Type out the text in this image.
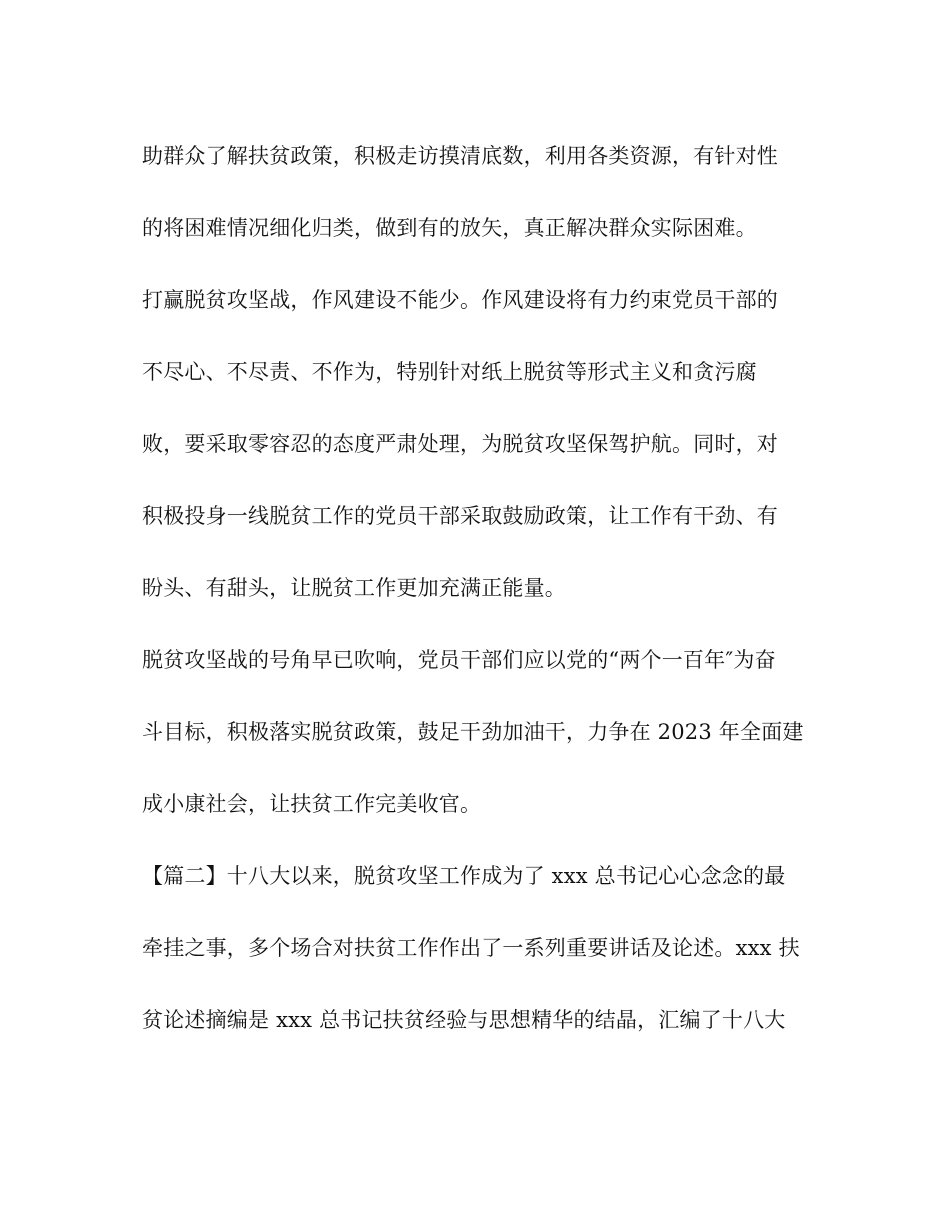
助群众了解扶贫政策，积极走访摸清底数，利用各类资源，有针对性
的将困难情况细化归类，做到有的放矢，真正解决群众实际困难。
打赢脱贫攻坚战，作风建设不能少。作风建设将有力约束党员干部的
不尽心、不尽责、不作为，特别针对纸上脱贫等形式主义和贪污腐
败，要采取零容忍的态度严肃处理，为脱贫攻坚保驾护航。同时，对
积极投身一线脱贫工作的党员干部采取鼓励政策，让工作有干劲、有
盼头、有甜头，让脱贫工作更加充满正能量。
脱贫攻坚战的号角早已吹响，党员干部们应以党的“两个一百年″为奋
斗目标，积极落实脱贫政策，鼓足干劲加油干，力争在 2023 年全面建
成小康社会，让扶贫工作完美收官。
【篇二】十八大以来，脱贫攻坚工作成为了 xxx 总书记心心念念的最
牵挂之事，多个场合对扶贫工作作出了一系列重要讲话及论述。xxx 扶
贫论述摘编是 xxx 总书记扶贫经验与思想精华的结晶，汇编了十八大
